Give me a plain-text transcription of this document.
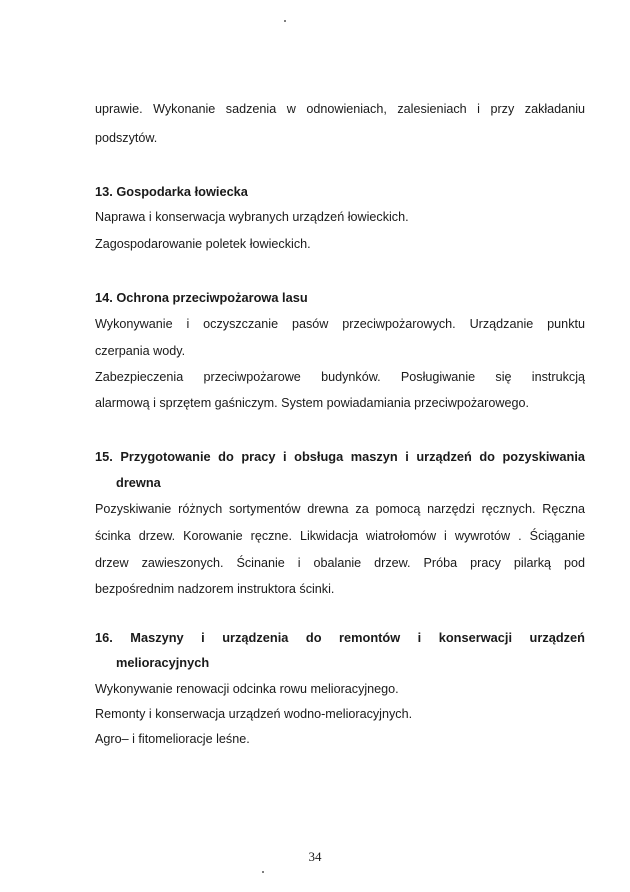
uprawie. Wykonanie sadzenia w odnowieniach, zalesieniach i przy zakładaniu
podszytów.
13. Gospodarka łowiecka
Naprawa i konserwacja wybranych urządzeń łowieckich.
Zagospodarowanie poletek łowieckich.
14. Ochrona przeciwpożarowa lasu
Wykonywanie i oczyszczanie pasów przeciwpożarowych. Urządzanie punktu
czerpania wody.
Zabezpieczenia przeciwpożarowe budynków. Posługiwanie się instrukcją
alarmową i sprzętem gaśniczym. System powiadamiania przeciwpożarowego.
15. Przygotowanie do pracy i obsługa maszyn i urządzeń do pozyskiwania
drewna
Pozyskiwanie różnych sortymentów drewna za pomocą narzędzi ręcznych. Ręczna
ścinka drzew. Korowanie ręczne. Likwidacja wiatrołomów i wywrotów . Ściąganie
drzew zawieszonych. Ścinanie i obalanie drzew. Próba pracy pilarką pod
bezpośrednim nadzorem instruktora ścinki.
16. Maszyny i urządzenia do remontów i konserwacji urządzeń
melioracyjnych
Wykonywanie renowacji odcinka rowu melioracyjnego.
Remonty i konserwacja urządzeń wodno-melioracyjnych.
Agro– i fitomelioracje leśne.
34
